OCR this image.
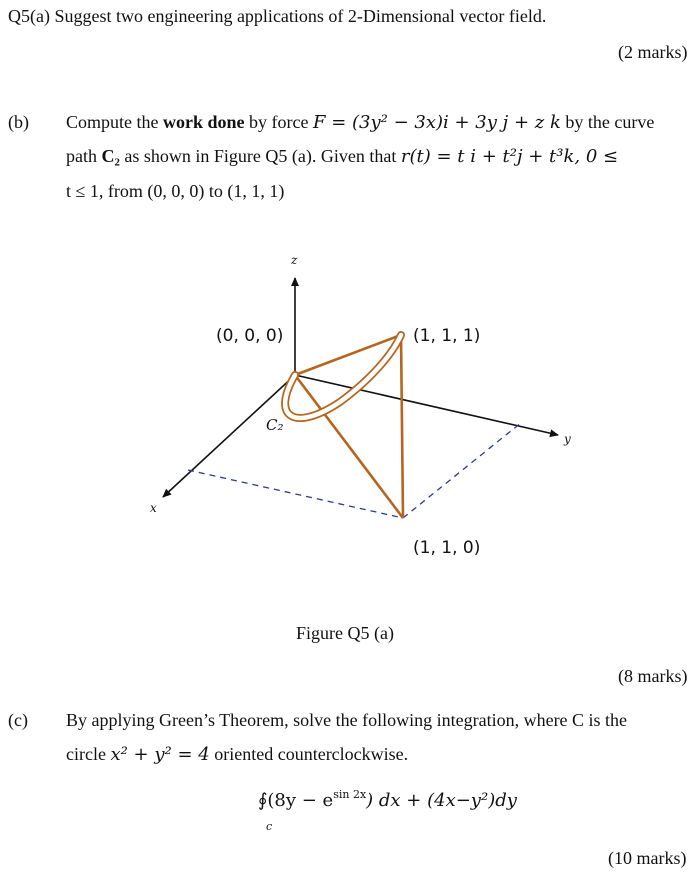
Q5(a) Suggest two engineering applications of 2-Dimensional vector field.
(2 marks)
(b) Compute the work done by force F = (3y² − 3x)i + 3y j + z k by the curve
path C₂ as shown in Figure Q5 (a). Given that r(t) = t i + t²j + t³k, 0 ≤
t ≤ 1, from (0, 0, 0) to (1, 1, 1)
z
y
x
(0, 0, 0)	(1, 1, 1)
(1, 1, 0)
C₂
Figure Q5 (a)
(8 marks)
(c) By applying Green’s Theorem, solve the following integration, where C is the
circle x² + y² = 4 oriented counterclockwise.
∮(8y − $e^{sin 2x}$) dx + (4x−y²)dy
c
(10 marks)
